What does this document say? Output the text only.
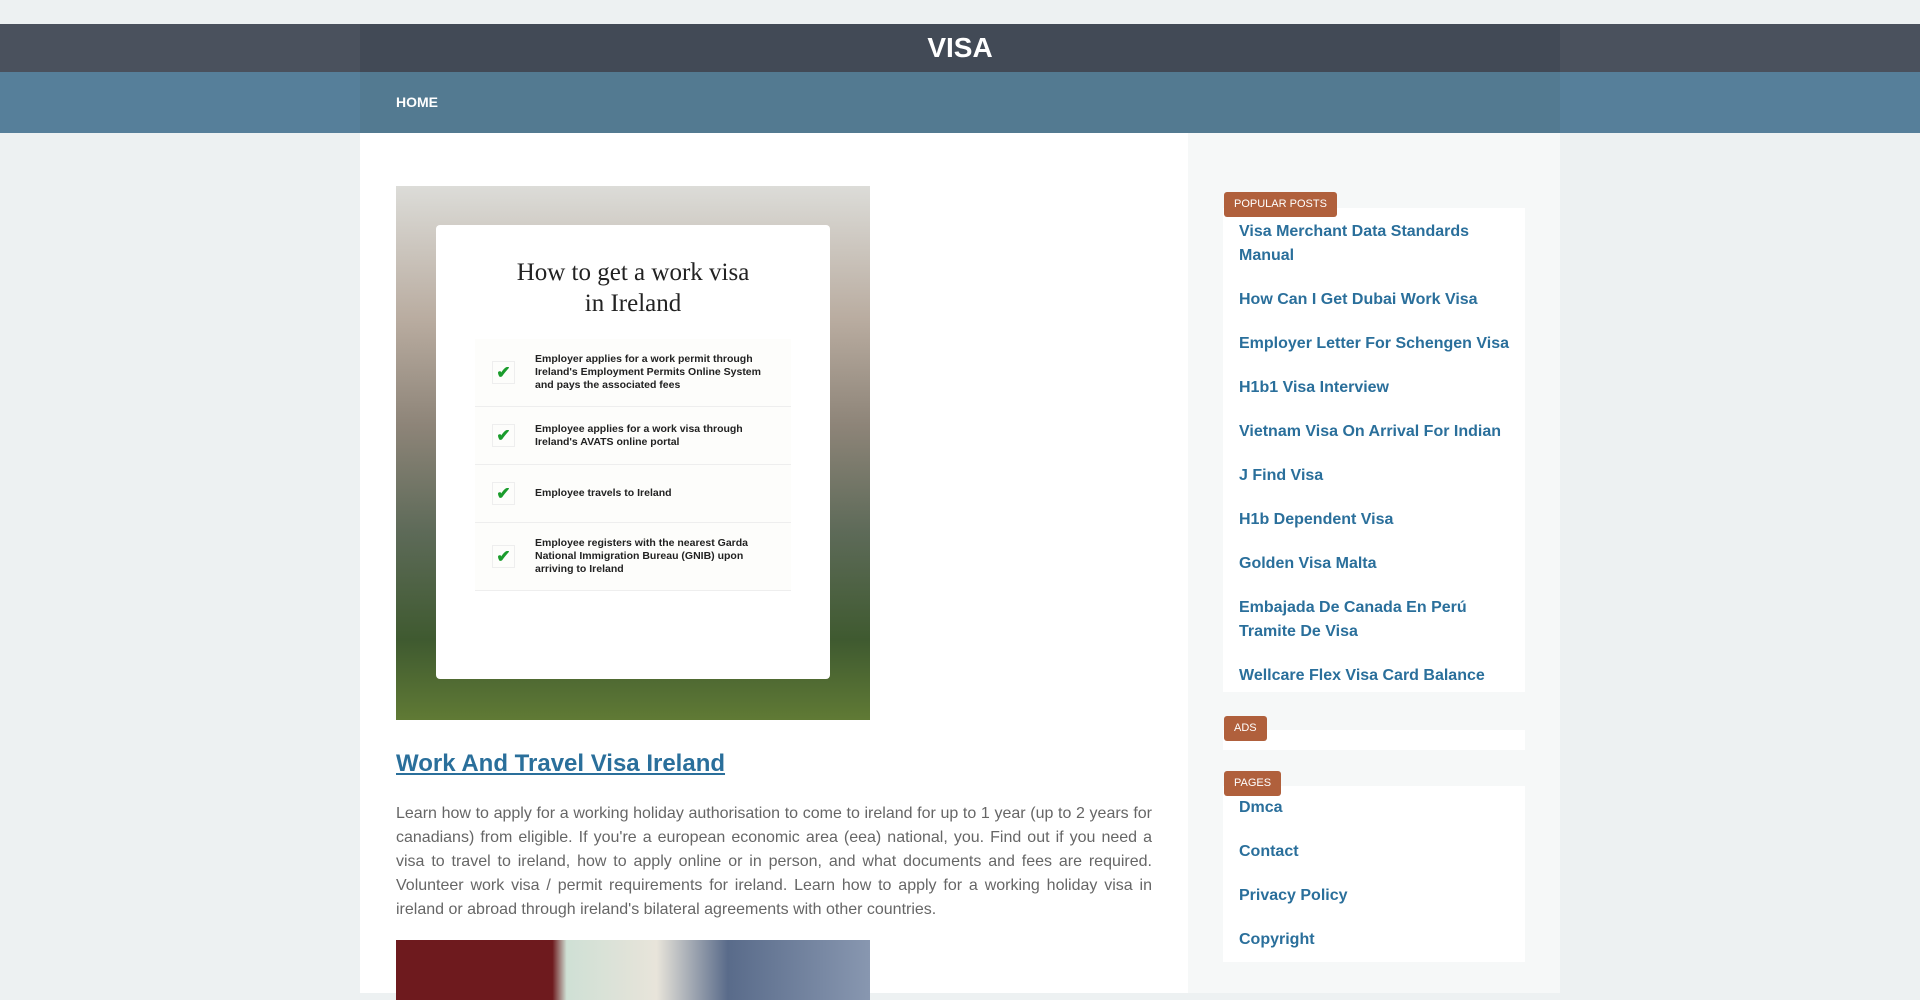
VISA
HOME
How to get a work visa in Ireland
✔
Employer applies for a work permit through Ireland's Employment Permits Online System and pays the associated fees
✔	Employee applies for a work visa through Ireland's AVATS online portal
✔	Employee travels to Ireland
✔
Employee registers with the nearest Garda National Immigration Bureau (GNIB) upon arriving to Ireland
Work And Travel Visa Ireland

Learn how to apply for a working holiday authorisation to come to ireland for up to 1 year (up to 2 years for canadians) from eligible. If you're a european economic area (eea) national, you. Find out if you need a visa to travel to ireland, how to apply online or in person, and what documents and fees are required. Volunteer work visa / permit requirements for ireland. Learn how to apply for a working holiday visa in ireland or abroad through ireland's bilateral agreements with other countries.

POPULAR POSTS
Visa Merchant Data Standards Manual
How Can I Get Dubai Work Visa
Employer Letter For Schengen Visa
H1b1 Visa Interview
Vietnam Visa On Arrival For Indian
J Find Visa
H1b Dependent Visa
Golden Visa Malta
Embajada De Canada En Perú Tramite De Visa
Wellcare Flex Visa Card Balance
ADS
PAGES
Dmca
Contact
Privacy Policy
Copyright
